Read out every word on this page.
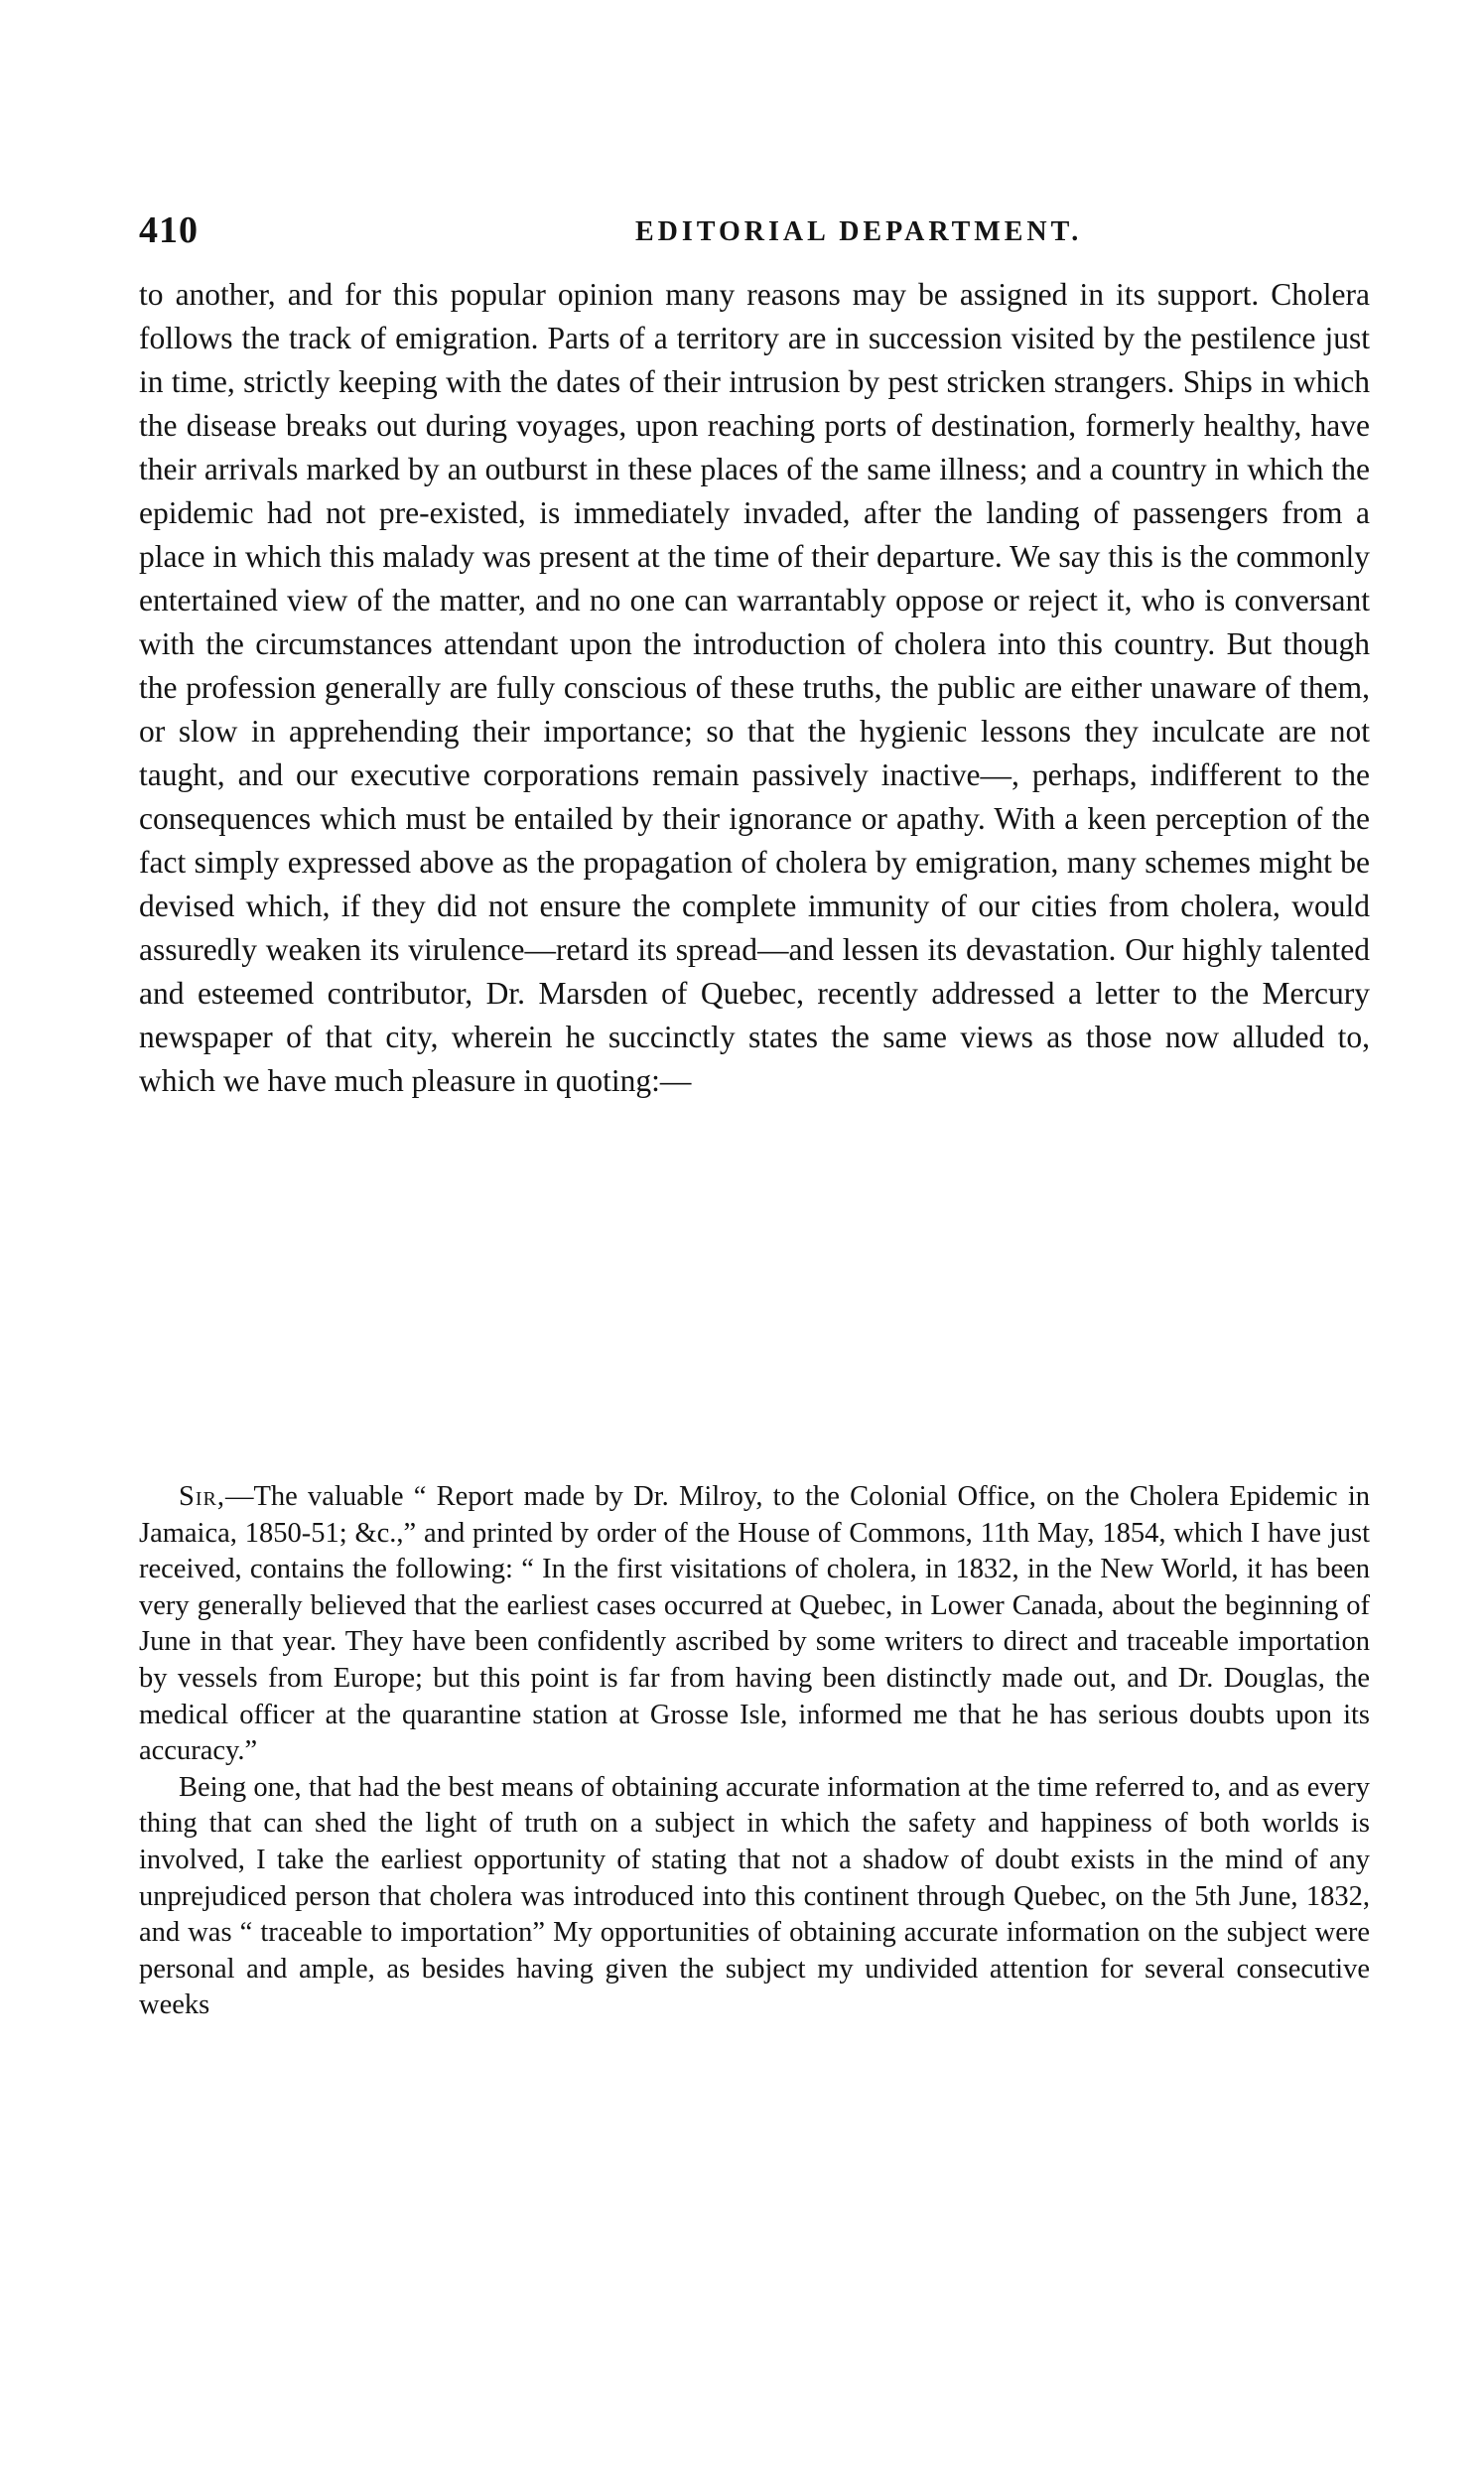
410	EDITORIAL DEPARTMENT.

to another, and for this popular opinion many reasons may be assigned in its support. Cholera follows the track of emigration. Parts of a territory are in succession visited by the pestilence just in time, strictly keeping with the dates of their intrusion by pest stricken strangers. Ships in which the disease breaks out during voyages, upon reaching ports of destination, formerly healthy, have their arrivals marked by an outburst in these places of the same illness; and a country in which the epidemic had not pre-existed, is immediately invaded, after the landing of passengers from a place in which this malady was present at the time of their departure. We say this is the commonly entertained view of the matter, and no one can warrantably oppose or reject it, who is conversant with the circumstances attendant upon the introduction of cholera into this country. But though the profession generally are fully conscious of these truths, the public are either unaware of them, or slow in apprehending their importance; so that the hygienic lessons they inculcate are not taught, and our executive corporations remain passively inactive—, perhaps, indifferent to the consequences which must be entailed by their ignorance or apathy. With a keen perception of the fact simply expressed above as the propagation of cholera by emigration, many schemes might be devised which, if they did not ensure the complete immunity of our cities from cholera, would assuredly weaken its virulence—retard its spread—and lessen its devastation. Our highly talented and esteemed contributor, Dr. Marsden of Quebec, recently addressed a letter to the Mercury newspaper of that city, wherein he succinctly states the same views as those now alluded to, which we have much pleasure in quoting:—

Sir,—The valuable “ Report made by Dr. Milroy, to the Colonial Office, on the Cholera Epidemic in Jamaica, 1850-51; &c.,” and printed by order of the House of Commons, 11th May, 1854, which I have just received, contains the following: “ In the first visitations of cholera, in 1832, in the New World, it has been very generally believed that the earliest cases occurred at Quebec, in Lower Canada, about the beginning of June in that year. They have been confidently ascribed by some writers to direct and traceable importation by vessels from Europe; but this point is far from having been distinctly made out, and Dr. Douglas, the medical officer at the quarantine station at Grosse Isle, informed me that he has serious doubts upon its accuracy.”

Being one, that had the best means of obtaining accurate information at the time referred to, and as every thing that can shed the light of truth on a subject in which the safety and happiness of both worlds is involved, I take the earliest opportunity of stating that not a shadow of doubt exists in the mind of any unprejudiced person that cholera was introduced into this continent through Quebec, on the 5th June, 1832, and was “ traceable to importation” My opportunities of obtaining accurate information on the subject were personal and ample, as besides having given the subject my undivided attention for several consecutive weeks
